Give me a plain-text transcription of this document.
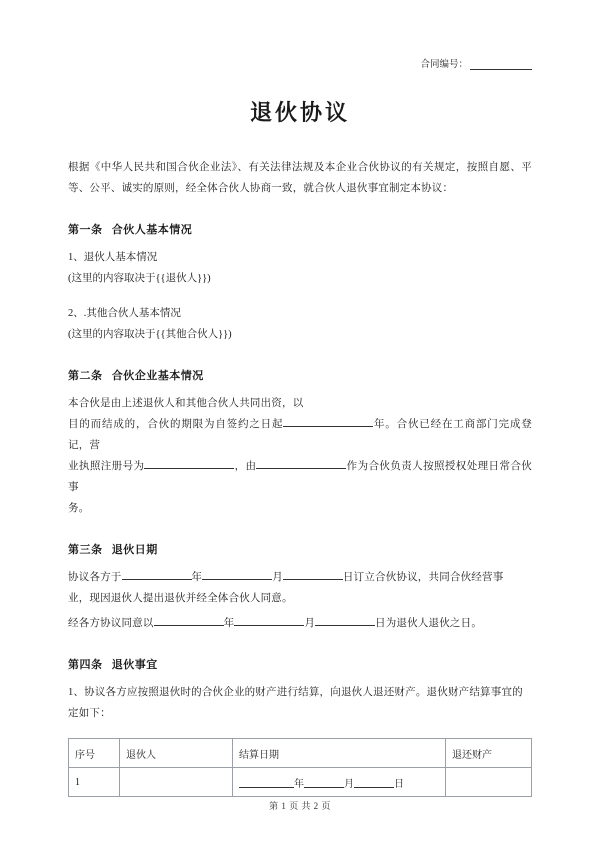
合同编号：
退伙协议

根据《中华人民共和国合伙企业法》、有关法律法规及本企业合伙协议的有关规定，按照自愿、平等、公平、诚实的原则，经全体合伙人协商一致，就合伙人退伙事宜制定本协议：

第一条 合伙人基本情况

1、退伙人基本情况

(这里的内容取决于{{退伙人}})

2、.其他合伙人基本情况

(这里的内容取决于{{其他合伙人}})

第二条 合伙企业基本情况

本合伙是由上述退伙人和其他合伙人共同出资，以
目的而结成的，合伙的期限为自签约之日起	年。合伙已经在工商部门完成登记，营
业执照注册号为	，由	作为合伙负责人按照授权处理日常合伙事
务。

第三条 退伙日期

协议各方于	年	月	日订立合伙协议，共同合伙经营事
业，现因退伙人提出退伙并经全体合伙人同意。

经各方协议同意以	年	月	日为退伙人退伙之日。

第四条 退伙事宜

1、协议各方应按照退伙时的合伙企业的财产进行结算，向退伙人退还财产。退伙财产结算事宜的
定如下：

序号	退伙人	结算日期	退还财产
1		年 月 日	
第 1 页 共 2 页
